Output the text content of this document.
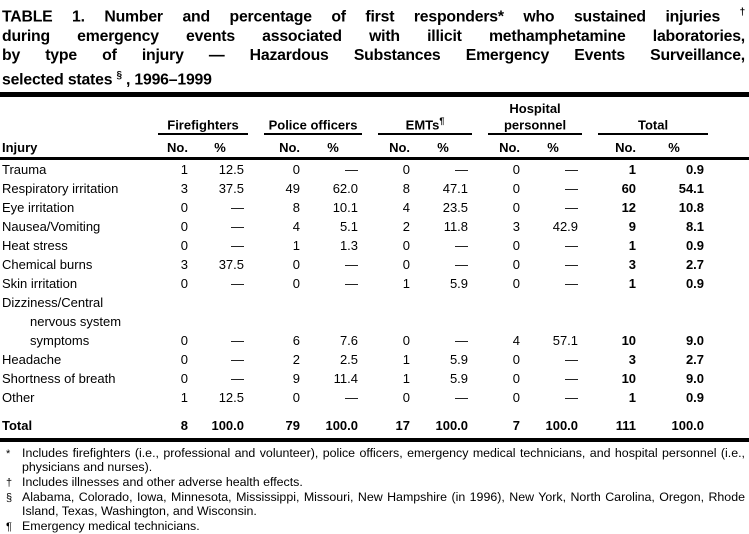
TABLE 1. Number and percentage of first responders* who sustained injuries †
during emergency events associated with illicit methamphetamine laboratories,
by type of injury — Hazardous Substances Emergency Events Surveillance,
selected states § , 1996–1999
	Firefighters			Police officers			EMTs¶			Hospital personnel			Total		
Injury	No.	%		No.	%		No.	%		No.	%		No.	%	

Trauma	1	12.5		0	—		0	—		0	—		1	0.9	

Respiratory irritation	3	37.5		49	62.0		8	47.1		0	—		60	54.1	

Eye irritation	0	—		8	10.1		4	23.5		0	—		12	10.8	

Nausea/Vomiting	0	—		4	5.1		2	11.8		3	42.9		9	8.1	

Heat stress	0	—		1	1.3		0	—		0	—		1	0.9	

Chemical burns	3	37.5		0	—		0	—		0	—		3	2.7	

Skin irritation	0	—		0	—		1	5.9		0	—		1	0.9	

Dizziness/Central
nervous system
symptoms	0	—		6	7.6		0	—		4	57.1		10	9.0	

Headache	0	—		2	2.5		1	5.9		0	—		3	2.7	

Shortness of breath	0	—		9	11.4		1	5.9		0	—		10	9.0	

Other	1	12.5		0	—		0	—		0	—		1	0.9	

Total	8	100.0		79	100.0		17	100.0		7	100.0		111	100.0	
* Includes firefighters (i.e., professional and volunteer), police officers, emergency medical technicians, and hospital personnel (i.e., physicians and nurses).
† Includes illnesses and other adverse health effects.
§ Alabama, Colorado, Iowa, Minnesota, Mississippi, Missouri, New Hampshire (in 1996), New York, North Carolina, Oregon, Rhode Island, Texas, Washington, and Wisconsin.
¶ Emergency medical technicians.
